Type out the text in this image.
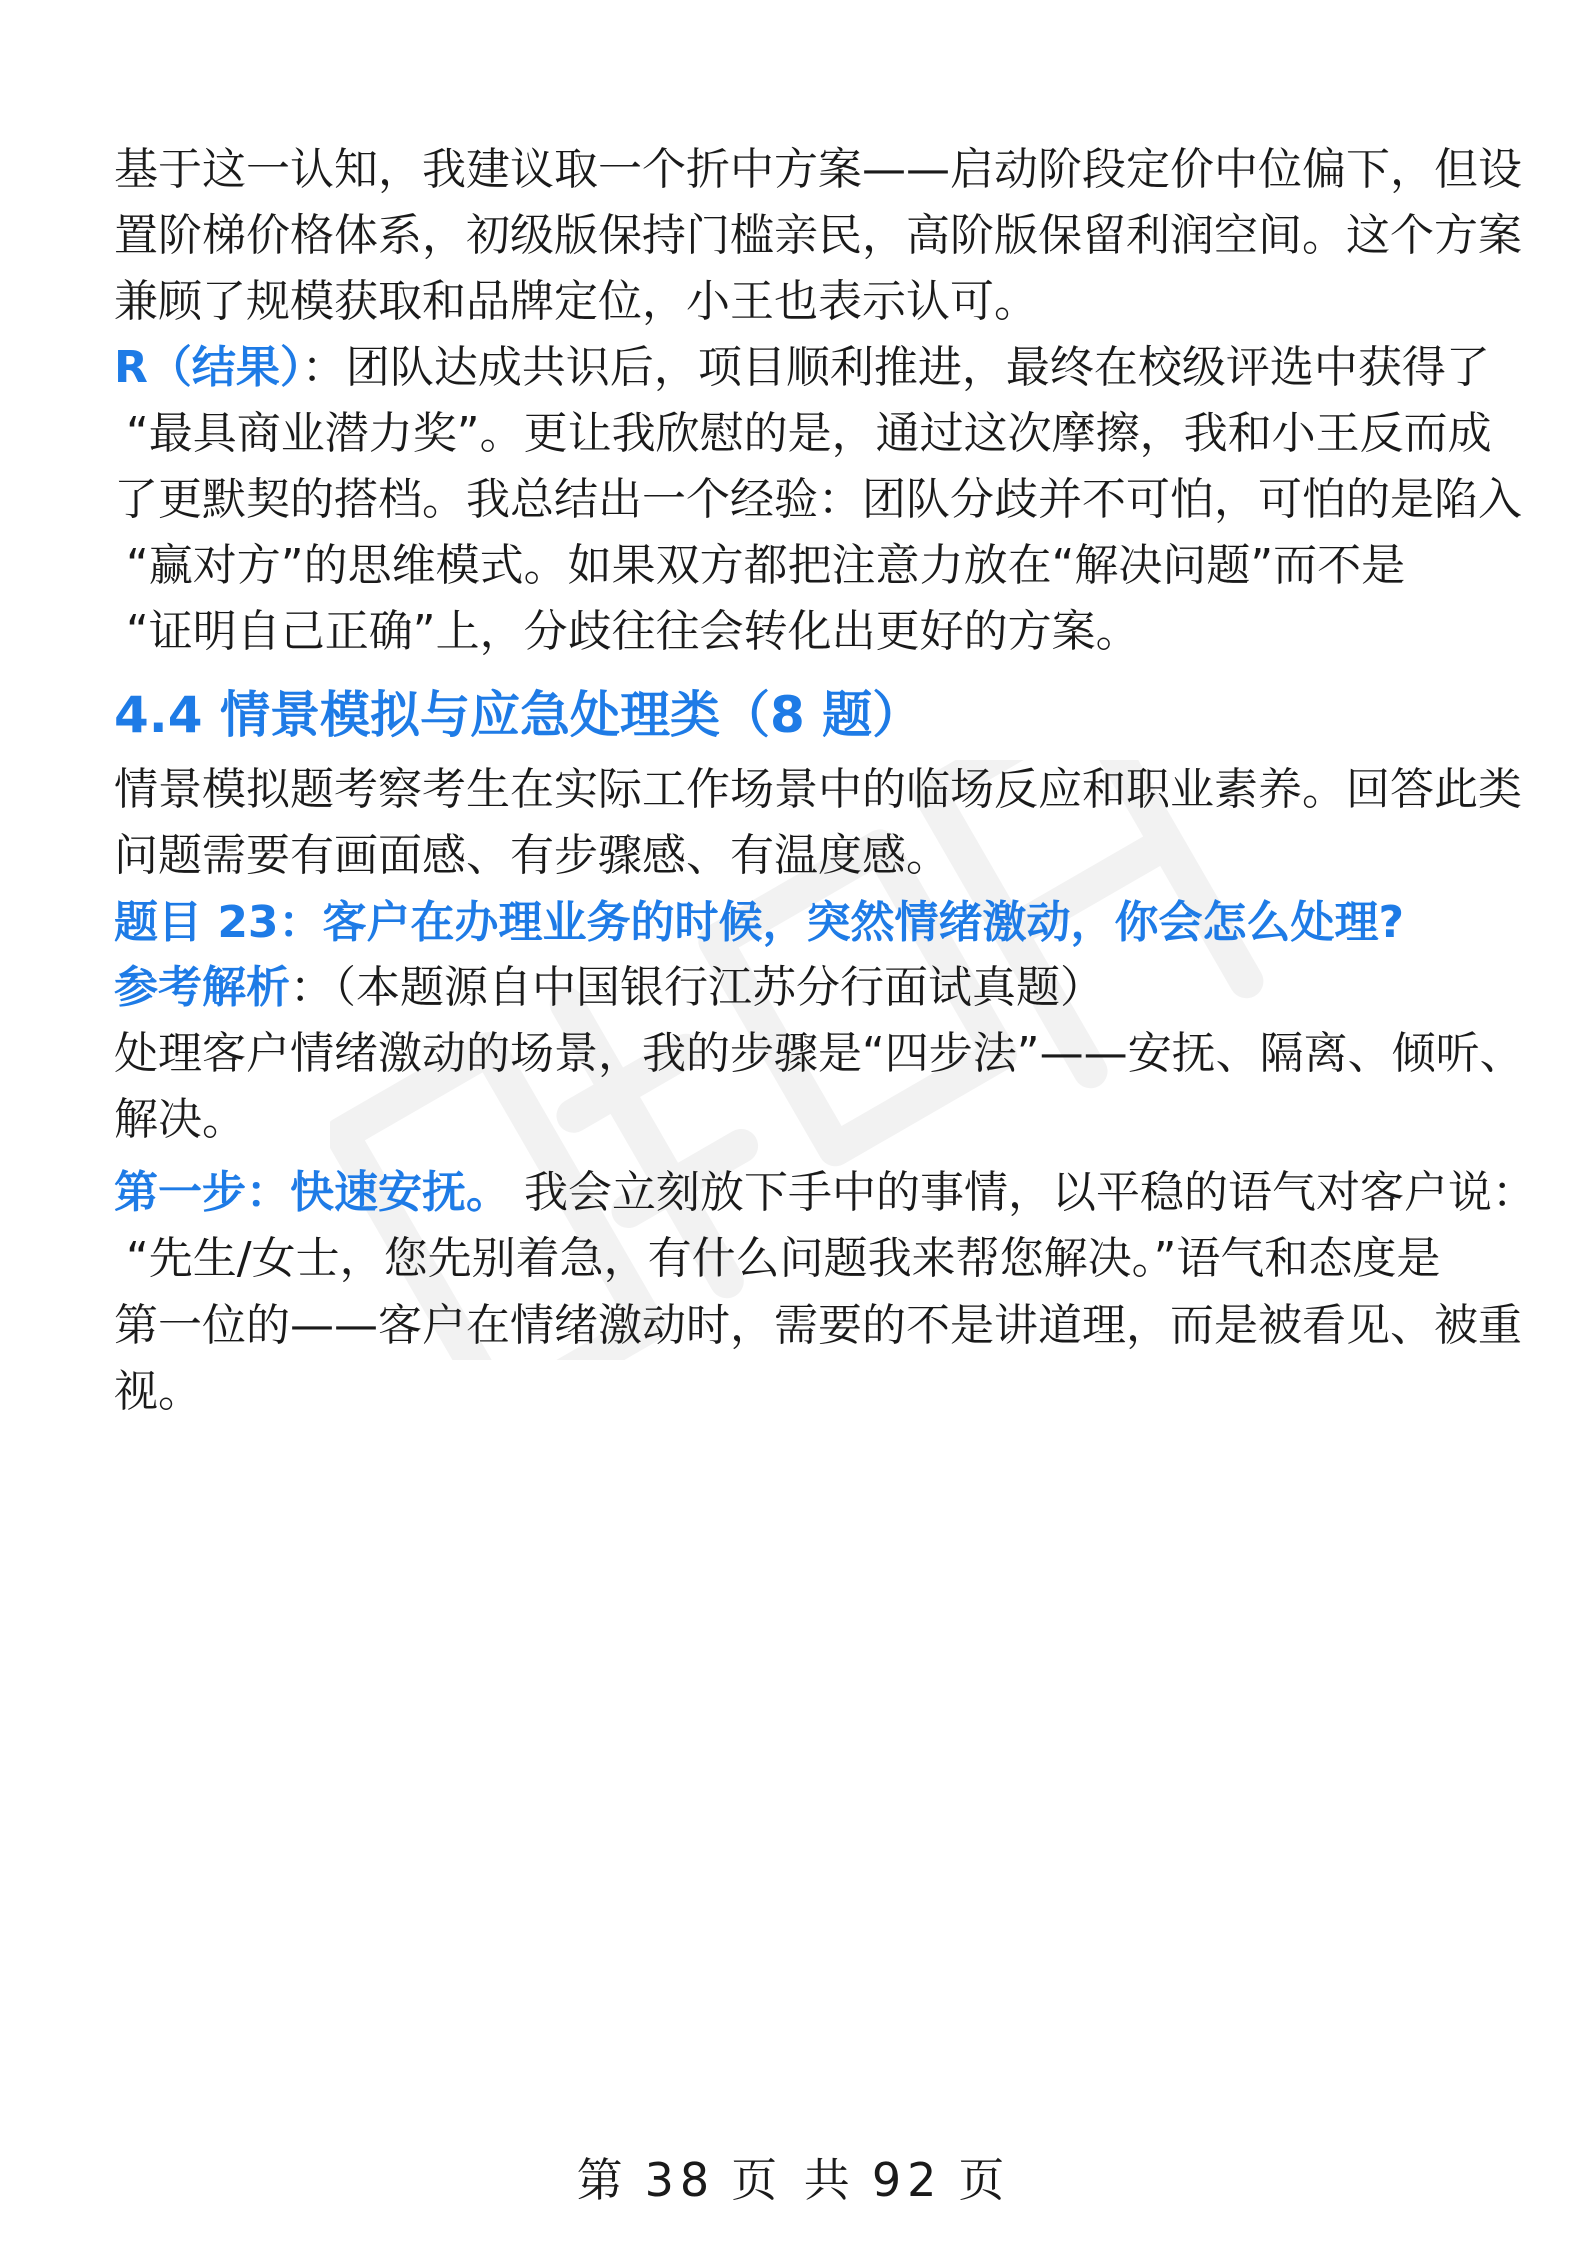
基于这一认知，我建议取一个折中方案——启动阶段定价中位偏下，但设
置阶梯价格体系，初级版保持门槛亲民，高阶版保留利润空间。这个方案
兼顾了规模获取和品牌定位，小王也表示认可。
R（结果）：团队达成共识后，项目顺利推进，最终在校级评选中获得了
“最具商业潜力奖”。更让我欣慰的是，通过这次摩擦，我和小王反而成
了更默契的搭档。我总结出一个经验：团队分歧并不可怕，可怕的是陷入
“赢对方”的思维模式。如果双方都把注意力放在“解决问题”而不是
“证明自己正确”上，分歧往往会转化出更好的方案。
4.4 情景模拟与应急处理类（8 题）
情景模拟题考察考生在实际工作场景中的临场反应和职业素养。回答此类
问题需要有画面感、有步骤感、有温度感。
题目 23：客户在办理业务的时候，突然情绪激动，你会怎么处理?
参考解析：（本题源自中国银行江苏分行面试真题）
处理客户情绪激动的场景，我的步骤是“四步法”——安抚、隔离、倾听、
解决。
第一步：快速安抚。 我会立刻放下手中的事情，以平稳的语气对客户说：
“先生/女士，您先别着急，有什么问题我来帮您解决。”语气和态度是
第一位的——客户在情绪激动时，需要的不是讲道理，而是被看见、被重
视。
第 38 页 共 92 页
